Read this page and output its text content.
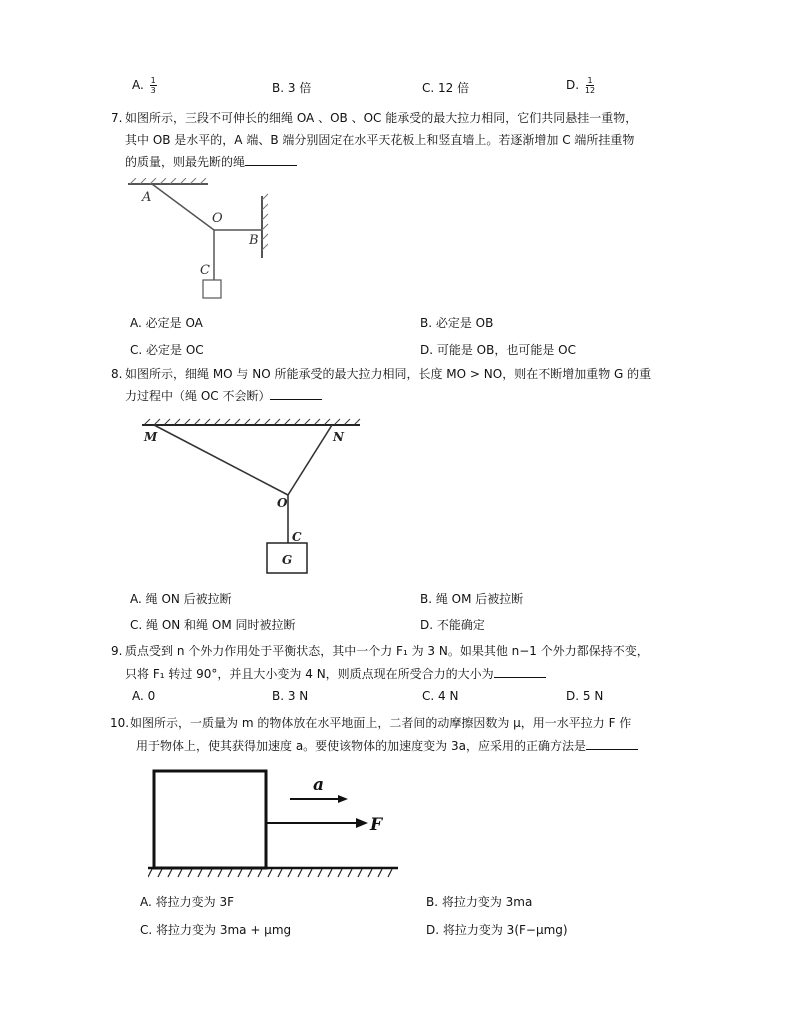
A. $\frac{1}{3}$	B. 3 倍	C. 12 倍	D. $\frac{1}{12}$
7. 如图所示，三段不可伸长的细绳 OA 、OB 、OC 能承受的最大拉力相同，它们共同悬挂一重物，
其中 OB 是水平的，A 端、B 端分别固定在水平天花板上和竖直墙上。若逐渐增加 C 端所挂重物
的质量，则最先断的绳
A
O
B
C
A. 必定是 OA	B. 必定是 OB
C. 必定是 OC	D. 可能是 OB，也可能是 OC
8. 如图所示，细绳 MO 与 NO 所能承受的最大拉力相同，长度 MO > NO，则在不断增加重物 G 的重
力过程中（绳 OC 不会断）
M	N
O
C
G
A. 绳 ON 后被拉断	B. 绳 OM 后被拉断
C. 绳 ON 和绳 OM 同时被拉断	D. 不能确定
9. 质点受到 n 个外力作用处于平衡状态，其中一个力 F₁ 为 3 N。如果其他 n−1 个外力都保持不变，
只将 F₁ 转过 90°，并且大小变为 4 N，则质点现在所受合力的大小为
A. 0	B. 3 N	C. 4 N	D. 5 N
10. 如图所示，一质量为 m 的物体放在水平地面上，二者间的动摩擦因数为 μ，用一水平拉力 F 作
用于物体上，使其获得加速度 a。要使该物体的加速度变为 3a，应采用的正确方法是
a
F
A. 将拉力变为 3F	B. 将拉力变为 3ma
C. 将拉力变为 3ma + μmg	D. 将拉力变为 3(F−μmg)
